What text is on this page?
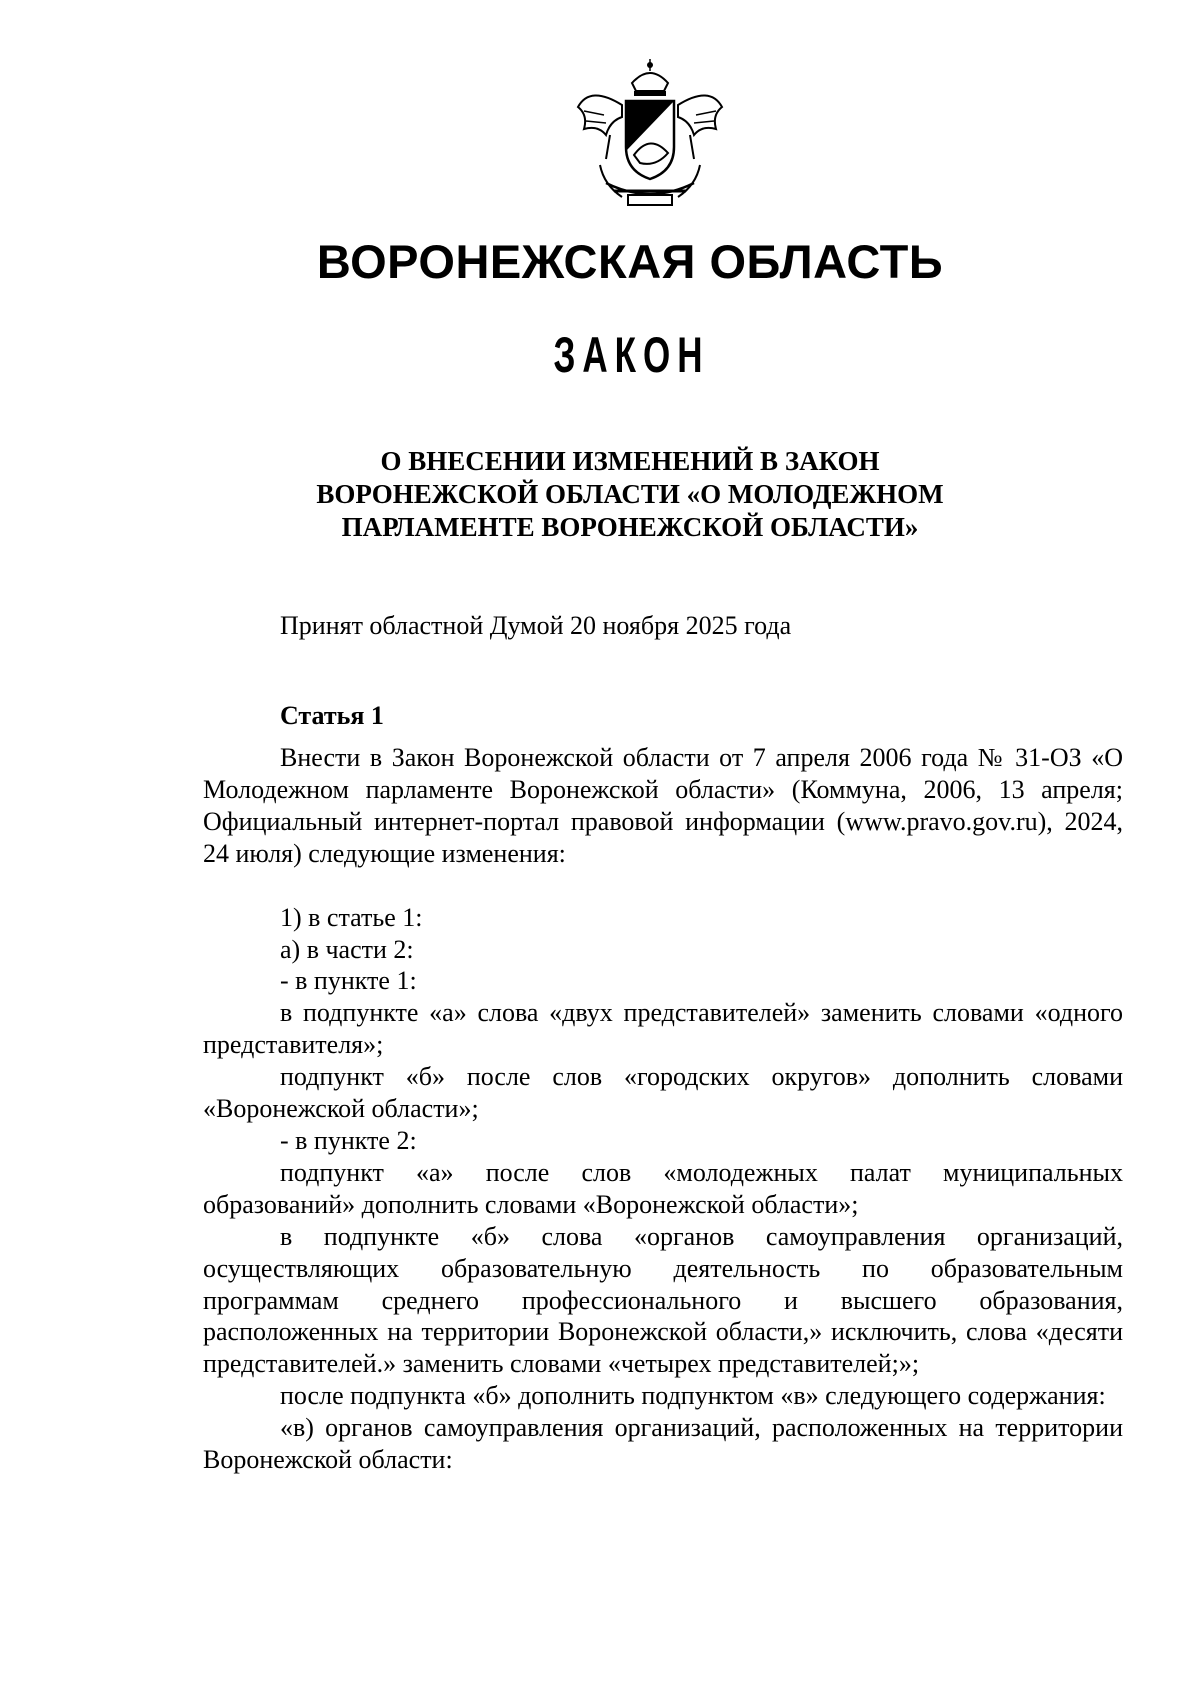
ВОРОНЕЖСКАЯ ОБЛАСТЬ
ЗАКОН
О ВНЕСЕНИИ ИЗМЕНЕНИЙ В ЗАКОН
ВОРОНЕЖСКОЙ ОБЛАСТИ «О МОЛОДЕЖНОМ
ПАРЛАМЕНТЕ ВОРОНЕЖСКОЙ ОБЛАСТИ»
Принят областной Думой 20 ноября 2025 года
Статья 1

Внести в Закон Воронежской области от 7 апреля 2006 года № 31-ОЗ «О Молодежном парламенте Воронежской области» (Коммуна, 2006, 13 апреля; Официальный интернет-портал правовой информации (www.pravo.gov.ru), 2024, 24 июля) следующие изменения:

1) в статье 1:

а) в части 2:

- в пункте 1:

в подпункте «а» слова «двух представителей» заменить словами «одного представителя»;

подпункт «б» после слов «городских округов» дополнить словами «Воронежской области»;

- в пункте 2:

подпункт «а» после слов «молодежных палат муниципальных образований» дополнить словами «Воронежской области»;

в подпункте «б» слова «органов самоуправления организаций, осуществляющих образовательную деятельность по образовательным программам среднего профессионального и высшего образования, расположенных на территории Воронежской области,» исключить, слова «десяти представителей.» заменить словами «четырех представителей;»;

после подпункта «б» дополнить подпунктом «в» следующего содержания:

«в) органов самоуправления организаций, расположенных на территории Воронежской области:
